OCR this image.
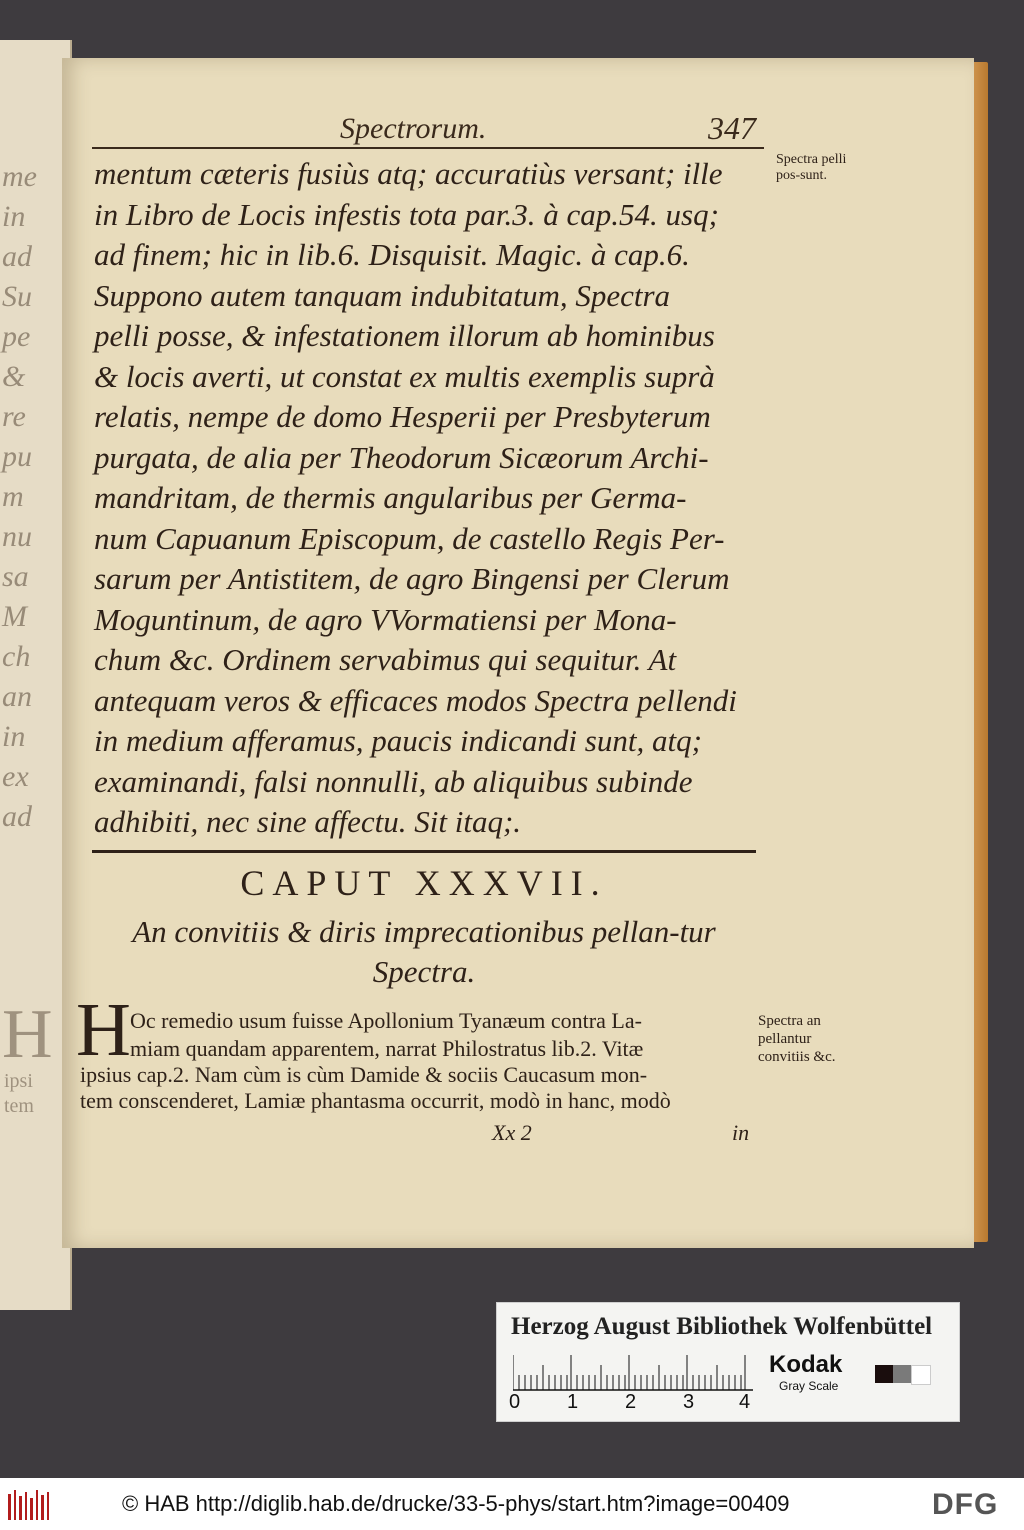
me
in
ad
Su
pe
&
re
pu
m
nu
sa
M
ch
an
in
ex
ad
H
ipsi
tem
Spectrorum.	347
mentum cæteris fusiùs atq; accuratiùs versant; ille
in Libro de Locis infestis tota par.3. à cap.54. usq;
ad finem; hic in lib.6. Disquisit. Magic. à cap.6.
Suppono autem tanquam indubitatum, Spectra
pelli posse, & infestationem illorum ab hominibus
& locis averti, ut constat ex multis exemplis suprà
relatis, nempe de domo Hesperii per Presbyterum
purgata, de alia per Theodorum Sicæorum Archi-
mandritam, de thermis angularibus per Germa-
num Capuanum Episcopum, de castello Regis Per-
sarum per Antistitem, de agro Bingensi per Clerum
Moguntinum, de agro VVormatiensi per Mona-
chum &c. Ordinem servabimus qui sequitur. At
antequam veros & efficaces modos Spectra pellendi
in medium afferamus, paucis indicandi sunt, atq;
examinandi, falsi nonnulli, ab aliquibus subinde
adhibiti, nec sine affectu. Sit itaq;.
Spectra pelli pos-sunt.
CAPUT XXXVII.
An convitiis & diris imprecationibus pellan-tur Spectra.
H Oc remedio usum fuisse Apollonium Tyanæum contra La-
miam quandam apparentem, narrat Philostratus lib.2. Vitæ
ipsius cap.2. Nam cùm is cùm Damide & sociis Caucasum mon-
tem conscenderet, Lamiæ phantasma occurrit, modò in hanc, modò
Spectra an pellantur convitiis &c.
Xx 2	in
Herzog August Bibliothek Wolfenbüttel
0 1 2 3 4
Kodak
Gray Scale
© HAB http://diglib.hab.de/drucke/33-5-phys/start.htm?image=00409	DFG
